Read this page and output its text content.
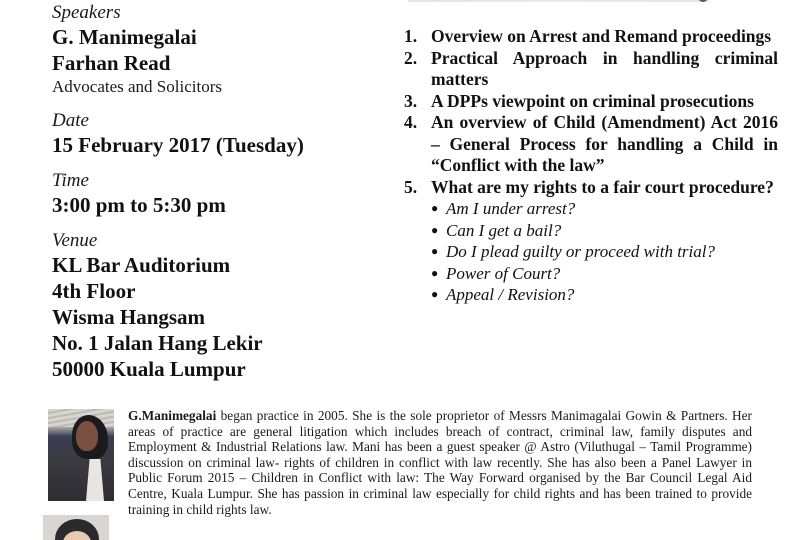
Speakers
G. Manimegalai
Farhan Read
Advocates and Solicitors
Date
15 February 2017 (Tuesday)
Time
3:00 pm to 5:30 pm
Venue
KL Bar Auditorium
4th Floor
Wisma Hangsam
No. 1 Jalan Hang Lekir
50000 Kuala Lumpur
1. Overview on Arrest and Remand proceedings
2. Practical Approach in handling criminal matters
3. A DPPs viewpoint on criminal prosecutions
4. An overview of Child (Amendment) Act 2016 – General Process for handling a Child in “Conflict with the law”
5. What are my rights to a fair court procedure?
● Am I under arrest?
● Can I get a bail?
● Do I plead guilty or proceed with trial?
● Power of Court?
● Appeal / Revision?
G.Manimegalai began practice in 2005. She is the sole proprietor of Messrs Manimagalai Gowin & Partners. Her areas of practice are general litigation which includes breach of contract, criminal law, family disputes and Employment & Industrial Relations law. Mani has been a guest speaker @ Astro (Viluthugal – Tamil Programme) discussion on criminal law- rights of children in conflict with law recently. She has also been a Panel Lawyer in Public Forum 2015 – Children in Conflict with law: The Way Forward organised by the Bar Council Legal Aid Centre, Kuala Lumpur. She has passion in criminal law especially for child rights and has been trained to provide training in child rights law.
